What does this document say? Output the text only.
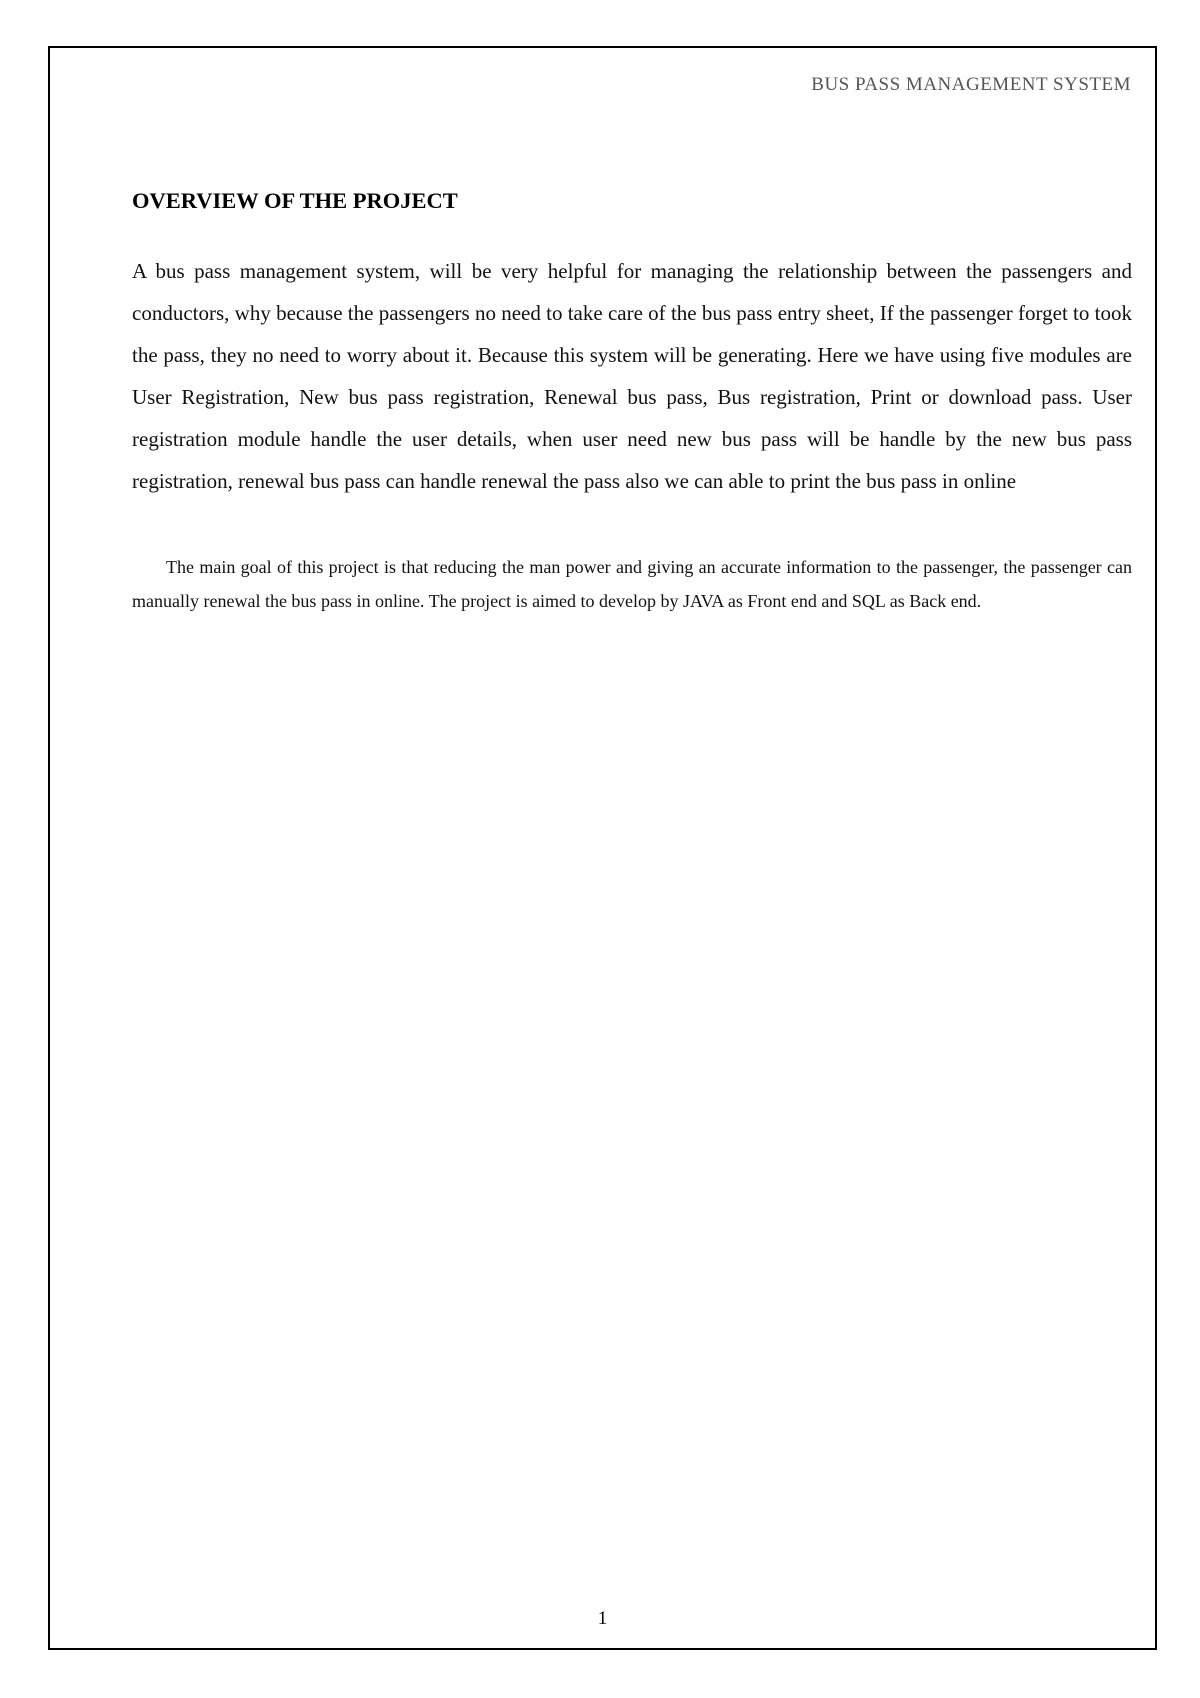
BUS PASS MANAGEMENT SYSTEM
OVERVIEW OF THE PROJECT

A bus pass management system, will be very helpful for managing the relationship between the passengers and conductors, why because the passengers no need to take care of the bus pass entry sheet, If the passenger forget to took the pass, they no need to worry about it. Because this system will be generating. Here we have using five modules are User Registration, New bus pass registration, Renewal bus pass, Bus registration, Print or download pass. User registration module handle the user details, when user need new bus pass will be handle by the new bus pass registration, renewal bus pass can handle renewal the pass also we can able to print the bus pass in online

The main goal of this project is that reducing the man power and giving an accurate information to the passenger, the passenger can manually renewal the bus pass in online. The project is aimed to develop by JAVA as Front end and SQL as Back end.

1
